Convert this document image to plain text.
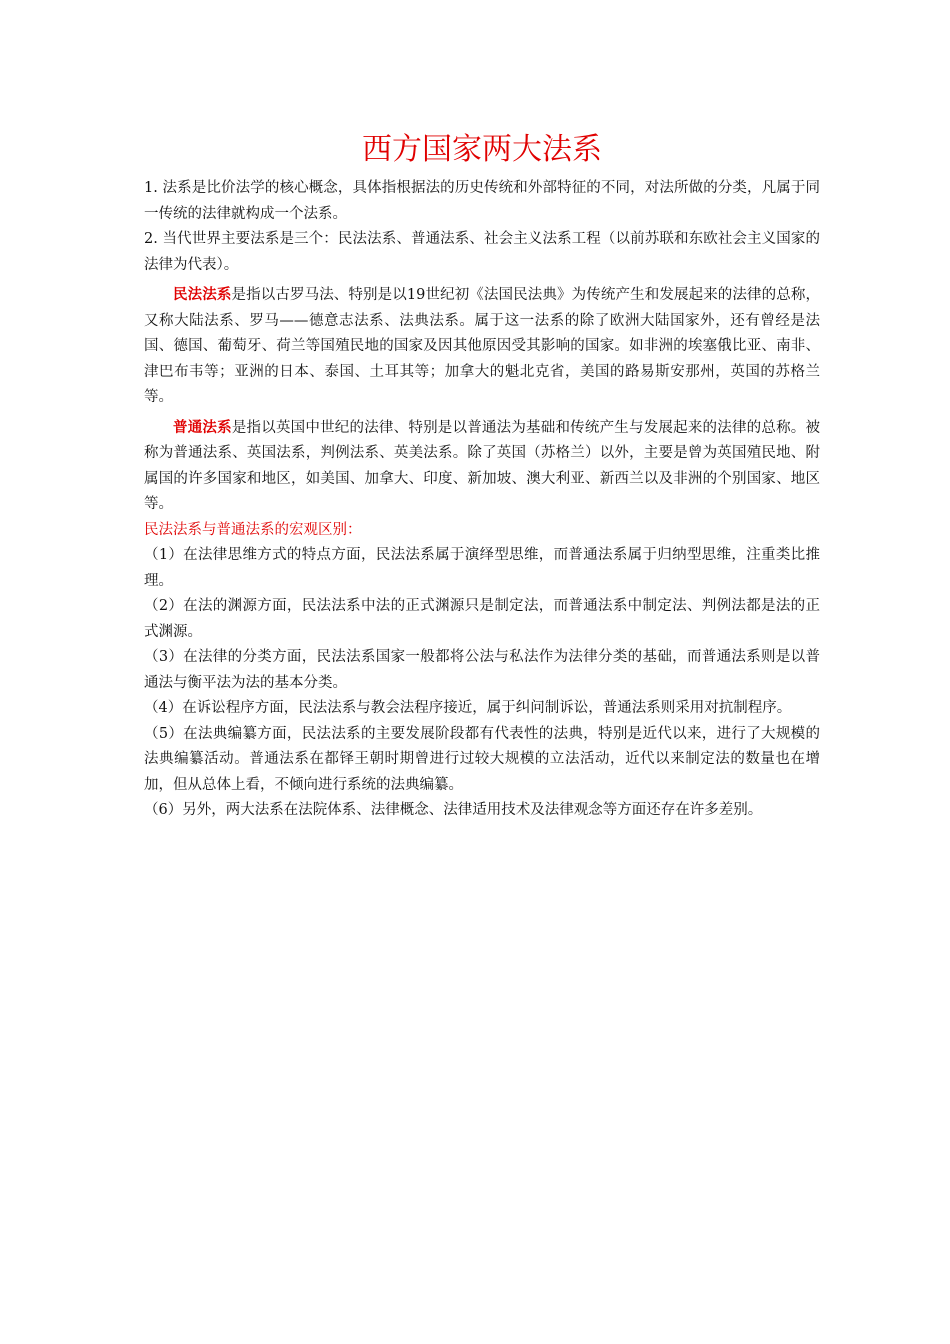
西方国家两大法系

1. 法系是比价法学的核心概念，具体指根据法的历史传统和外部特征的不同，对法所做的分类，凡属于同一传统的法律就构成一个法系。

2. 当代世界主要法系是三个：民法法系、普通法系、社会主义法系工程（以前苏联和东欧社会主义国家的法律为代表）。

民法法系是指以古罗马法、特别是以19世纪初《法国民法典》为传统产生和发展起来的法律的总称，又称大陆法系、罗马——德意志法系、法典法系。属于这一法系的除了欧洲大陆国家外，还有曾经是法国、德国、葡萄牙、荷兰等国殖民地的国家及因其他原因受其影响的国家。如非洲的埃塞俄比亚、南非、津巴布韦等；亚洲的日本、泰国、土耳其等；加拿大的魁北克省，美国的路易斯安那州，英国的苏格兰等。

普通法系是指以英国中世纪的法律、特别是以普通法为基础和传统产生与发展起来的法律的总称。被称为普通法系、英国法系，判例法系、英美法系。除了英国（苏格兰）以外，主要是曾为英国殖民地、附属国的许多国家和地区，如美国、加拿大、印度、新加坡、澳大利亚、新西兰以及非洲的个别国家、地区等。

民法法系与普通法系的宏观区别：

（1）在法律思维方式的特点方面，民法法系属于演绎型思维，而普通法系属于归纳型思维，注重类比推理。

（2）在法的渊源方面，民法法系中法的正式渊源只是制定法，而普通法系中制定法、判例法都是法的正式渊源。

（3）在法律的分类方面，民法法系国家一般都将公法与私法作为法律分类的基础，而普通法系则是以普通法与衡平法为法的基本分类。

（4）在诉讼程序方面，民法法系与教会法程序接近，属于纠问制诉讼，普通法系则采用对抗制程序。

（5）在法典编纂方面，民法法系的主要发展阶段都有代表性的法典，特别是近代以来，进行了大规模的法典编纂活动。普通法系在都铎王朝时期曾进行过较大规模的立法活动，近代以来制定法的数量也在增加，但从总体上看，不倾向进行系统的法典编纂。

（6）另外，两大法系在法院体系、法律概念、法律适用技术及法律观念等方面还存在许多差别。
